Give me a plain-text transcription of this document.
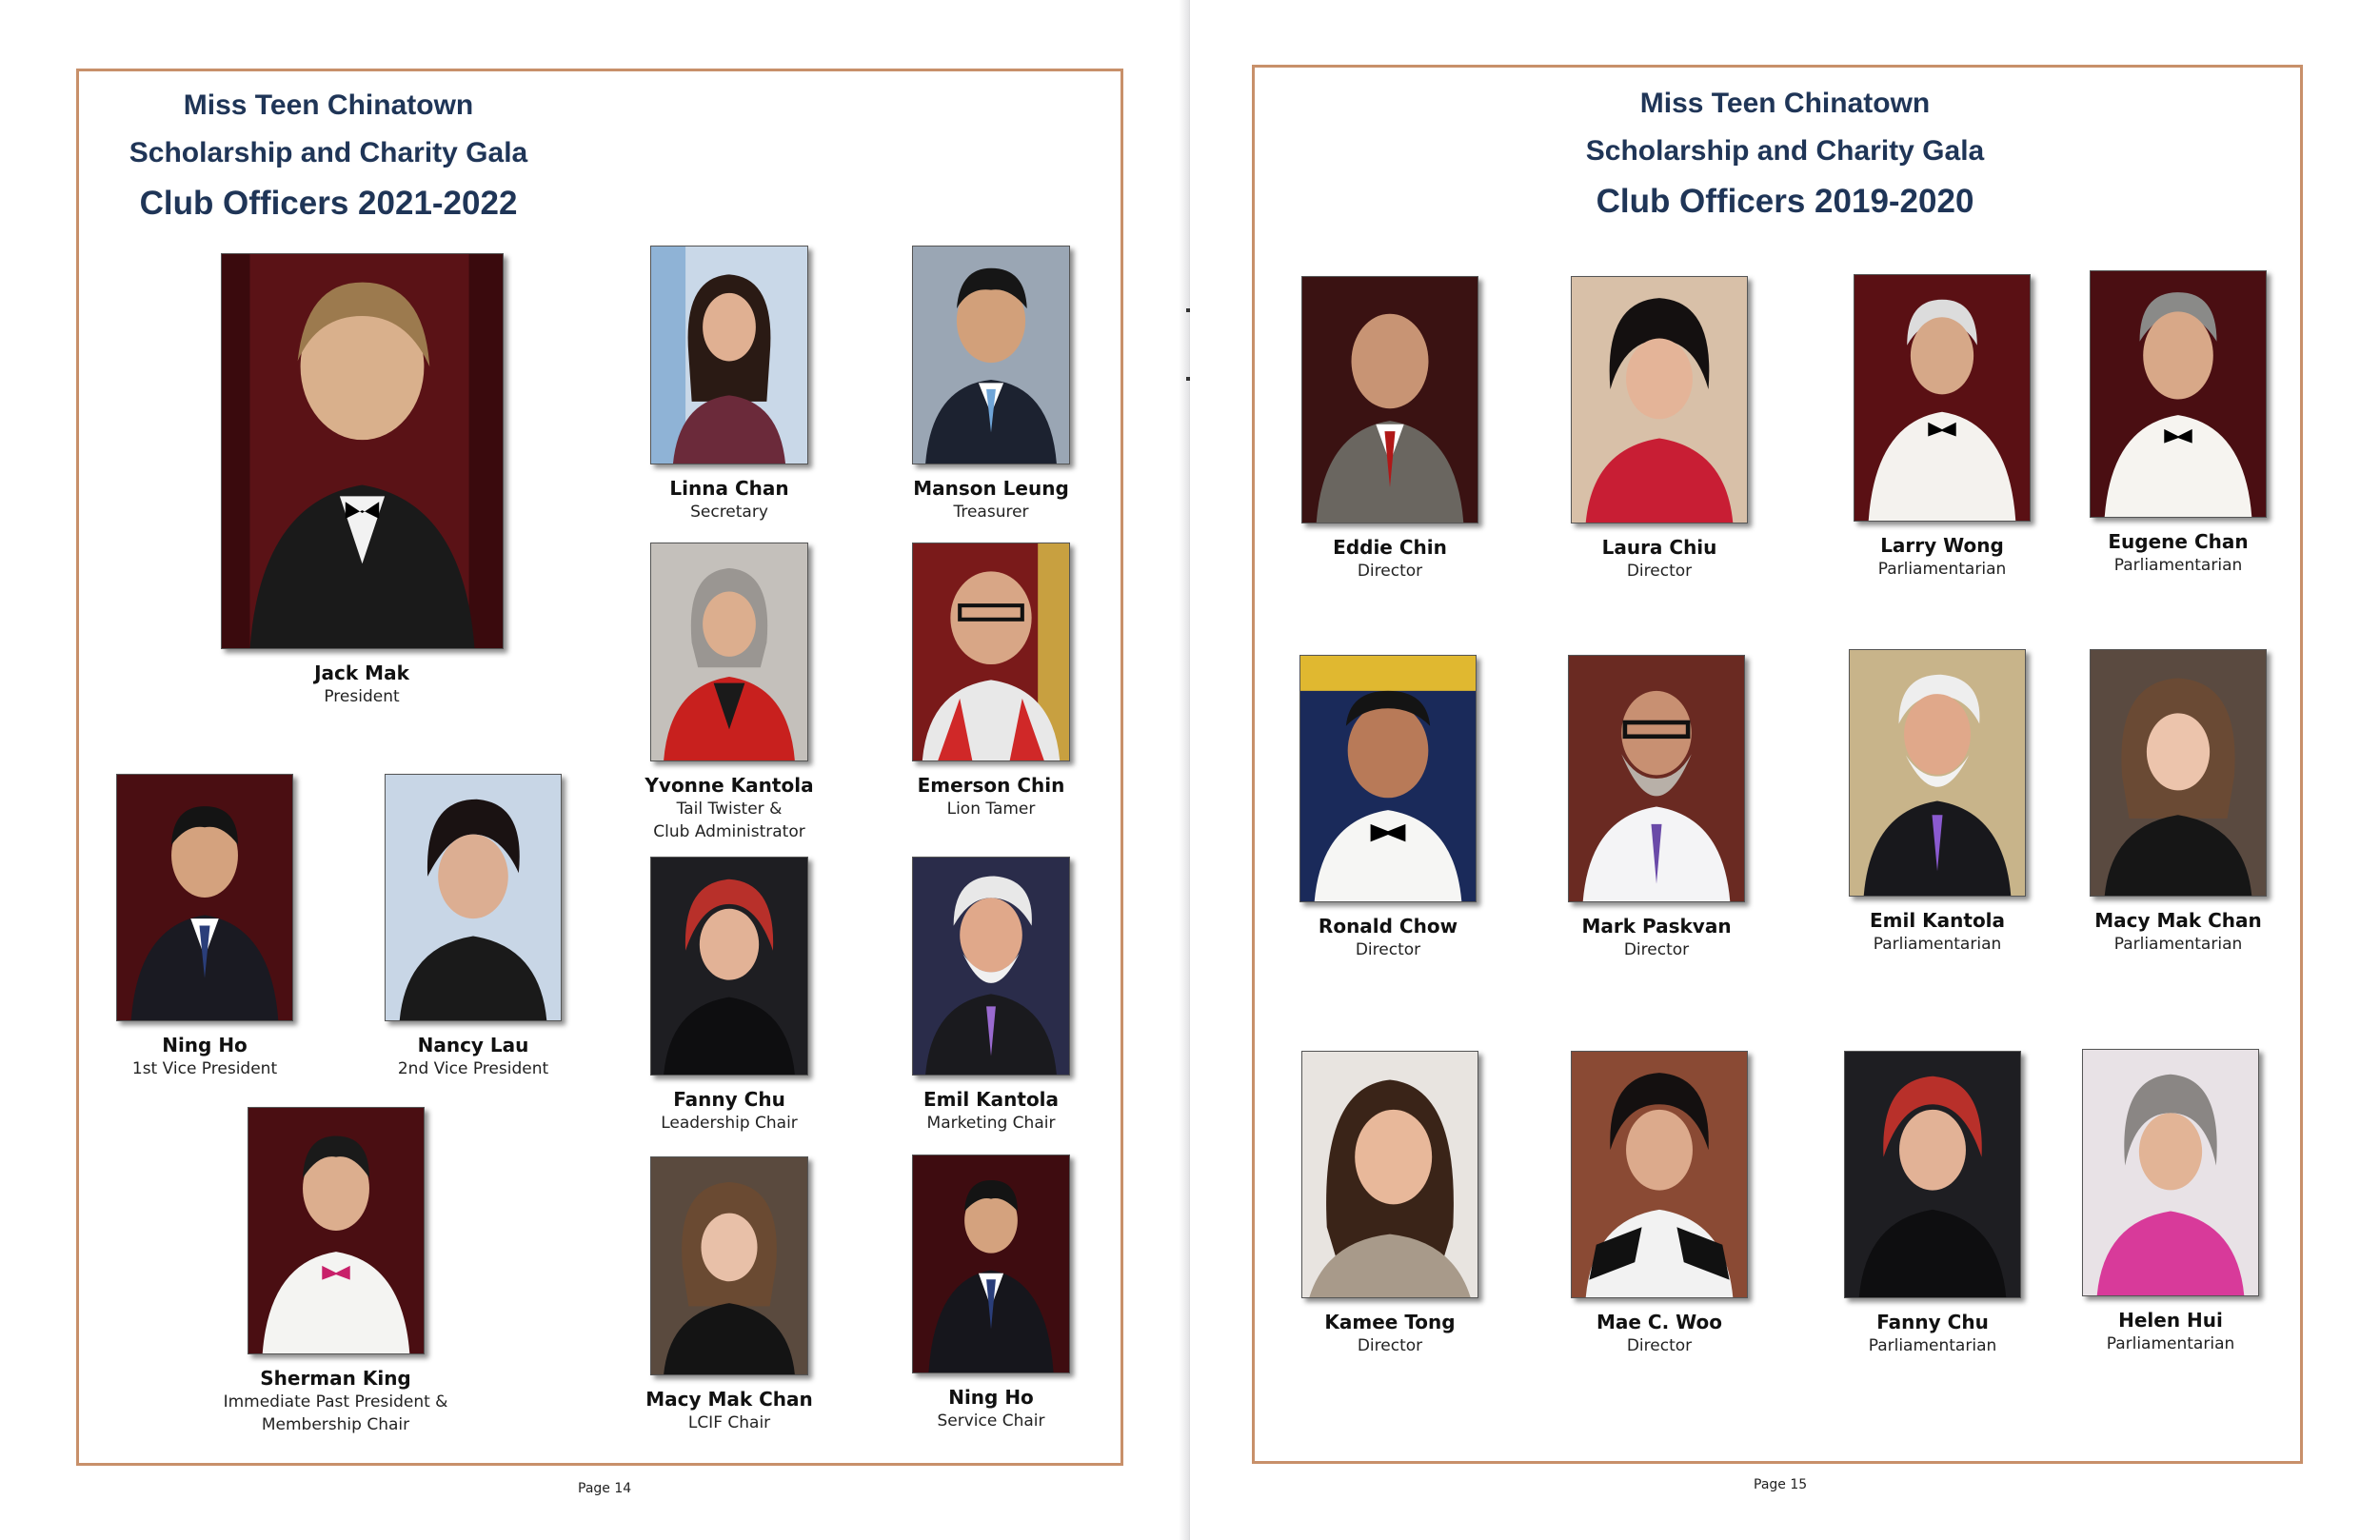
Miss Teen Chinatown
Scholarship and Charity Gala
Club Officers 2021-2022
Jack Mak
President
Linna Chan
Secretary
Manson Leung
Treasurer
Yvonne Kantola
Tail Twister &
Club Administrator
Emerson Chin
Lion Tamer
Ning Ho
1st Vice President
Nancy Lau
2nd Vice President
Fanny Chu
Leadership Chair
Emil Kantola
Marketing Chair
Sherman King
Immediate Past President &
Membership Chair
Macy Mak Chan
LCIF Chair
Ning Ho
Service Chair
Page 14
Miss Teen Chinatown
Scholarship and Charity Gala
Club Officers 2019-2020
Eddie Chin
Director
Laura Chiu
Director
Larry Wong
Parliamentarian
Eugene Chan
Parliamentarian
Ronald Chow
Director
Mark Paskvan
Director
Emil Kantola
Parliamentarian
Macy Mak Chan
Parliamentarian
Kamee Tong
Director
Mae C. Woo
Director
Fanny Chu
Parliamentarian
Helen Hui
Parliamentarian
Page 15
